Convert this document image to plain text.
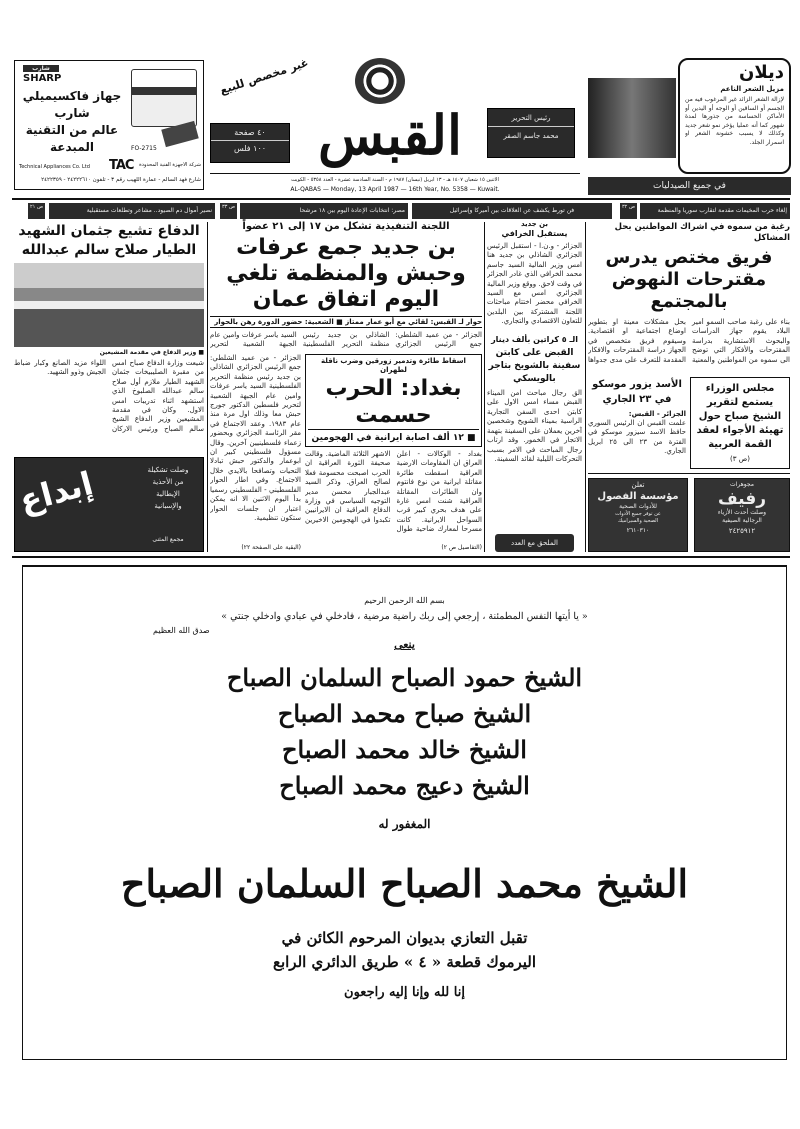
شارب
SHARP
جهاز فاكسيميلي
شارب
عالم من التقنية
المبدعة	FO-2715
Technical Appliances Co. Ltd TAC شركة الأجهزة الفنية المحدودة
شارع فهد السالم - عمارة اللهيب رقم ٣ - تلفون ٢٤٢٢٢٦١٠ - ٢٤٢٢٣٥٩
غير مخصص للبيع
٤٠ صفحة
١٠٠ فلس القبس	رئيس التحرير
محمد جاسم الصقر
الاثنين ١٥ شعبان ١٤٠٧ هـ - ١٣ ابريل (نيسان) ١٩٨٧ م - السنة السادسة عشرة - العدد ٥٣٥٨ - الكويت
AL-QABAS — Monday, 13 April 1987 — 16th Year, No. 5358 — Kuwait.
ديلان
مزيل الشعر الناعم
لإزالة الشعر الزائد غير المرغوب فيه من الجسم أو الساقين أو الوجه أو اليدين أو الأماكن الحساسة من جذورها لمدة شهور كما أنه عمليا يؤخر نمو شعر جديد وكذلك لا يسبب خشونة الشعر او اسمرار الجلد.
في جميع الصيدليات
إلغاء حرب المخيمات مقدمة لتقارب سوريا والمنظمة
ص ٣٢
فن تورط يكشف عن العلاقات بين أميركا وإسرائيل
مصر: انتخابات الإعادة اليوم بين ١٨ مرشحا
ص ٣٣
نصير أموال دم الصيود.. مشاعر وتطلعات مستقبلية
ص ٢١
رغبة من سموه في اشراك المواطنين بحل المشاكل
فريق مختص يدرس مقترحات النهوض بالمجتمع
بناء على رغبة صاحب السمو أمير البلاد يقوم جهاز الدراسات والبحوث الاستشارية بدراسة المقترحات والأفكار التي توضح الى سموه من المواطنين والمعنية بحل مشكلات معينة او بتطوير اوضاع اجتماعية او اقتصادية. وسيقوم فريق متخصص في الجهاز دراسة المقترحات والافكار المقدمة للتعرف على مدى جدواها
مجلس الوزراء يستمع لتقرير الشيخ صباح حول تهيئة الأجواء لعقد القمة العربية
(ص ٣)
الأسد يزور موسكو في ٢٣ الجاري
الجزائر - القبس:
علمت القبس ان الرئيس السوري حافظ الاسد سيزور موسكو في الفترة من ٢٣ الى ٢٥ ابريل الجاري.
مجوهرات
رفيف
وصلت أحدث الأزياء
الرجالية الصيفية
٢٤٢٥٩١٢
تعلن
مؤسسة الفصول
للأدوات الصحية
عن توفر جميع الأدوات
الصحية والسيراميك
٢٦١٠٣١٠
بن جديد
يستقبل الخرافي
الجزائر - و.ن.ا - استقبل الرئيس الجزائري الشاذلي بن جديد هنا امس وزير المالية السيد جاسم محمد الخرافي الذي غادر الجزائر في وقت لاحق. ووقع وزير المالية الجزائري امس مع السيد الخرافي محضر اختتام مباحثات اللجنة المشتركة بين البلدين للتعاون الاقتصادي والتجاري.
الـ ٥ كراتين بألف دينار
القبض على كابتن سفينة بالشويخ بتاجر بالويسكي
الق رجال مباحث امن الميناء القبض مساء امس الاول على كابتن احدى السفن التجارية الراسية بميناء الشويخ وشخصين آخرين يعملان على السفينة بتهمة الاتجار في الخمور. وقد ارتاب رجال المباحث في الامر بسبب التحركات الليلية لقائد السفينة.
الملحق مع العدد
اللجنة التنفيذية تشكل من ١٧ إلى ٢١ عضواً
بن جديد جمع عرفات وحبش والمنظمة تلغي اليوم اتفاق عمان
حوار لـ القبس: لقائي مع أبو عمار ممتاز ■ الشعبية: حضور الدورة رهن بالحوار
الجزائر - من عميد الشلطي: جمع الرئيس الجزائري الشاذلي بن جديد رئيس منظمة التحرير الفلسطينية السيد ياسر عرفات وامين عام الجبهة الشعبية لتحرير
اسقاط طائرة وتدمير زورقين وضرب ناقلة لطهران
بغداد: الحرب حسمت
■ ١٢ ألف اصابة ايرانية في الهجومين
بغداد - الوكالات - اعلن العراق ان المقاومات الارضية العراقية اسقطت طائرة مقاتلة ايرانية من نوع فانتوم وان الطائرات المقاتلة العراقية شنت امس غارة على هدف بحري كبير قرب السواحل الايرانية. كانت مسرحا لمعارك ضاحية طوال الاشهر الثلاثة الماضية. وقالت صحيفة الثورة العراقية ان الحرب اصبحت محسومة فعلا لصالح العراق. وذكر السيد عبدالجبار محسن مدير التوجيه السياسي في وزارة الدفاع العراقية ان الايرانيين تكبدوا في الهجومين الاخيرين
(التفاصيل ص ٢)
الجزائر - من عميد الشلطي: جمع الرئيس الجزائري الشاذلي بن جديد رئيس منظمة التحرير الفلسطينية السيد ياسر عرفات وامين عام الجبهة الشعبية لتحرير فلسطين الدكتور جورج حبش معا وذلك اول مرة منذ عام ١٩٨٣. وعقد الاجتماع في مقر الرئاسة الجزائري وبحضور زعماء فلسطينيين آخرين. وقال مسؤول فلسطيني كبير ان ابوعمار والدكتور حبش تبادلا التحيات وتصافحا بالايدي خلال الاجتماع. وفي اطار الحوار الفلسطيني - الفلسطيني رسميا بدأ اليوم الاثنين الا انه يمكن اعتبار ان جلسات الحوار ستكون تنظيمية.
(البقية على الصفحة ٢٢)
الدفاع تشيع جثمان الشهيد الطيار صلاح سالم عبدالله
■ وزير الدفاع في مقدمة المشيعين
شيعت وزارة الدفاع صباح امس من مقبرة الصليبيخات جثمان الشهيد الطيار ملازم أول صلاح سالم عبدالله الصلبوخ الذي استشهد اثناء تدريبات امس الاول. وكان في مقدمة المشيعين وزير الدفاع الشيخ سالم الصباح ورئيس الاركان اللواء مزيد الصانع وكبار ضباط الجيش وذوو الشهيد.
إبداع	وصلت تشكيلة
من الأحذية
الإيطالية
والإسبانية
مجمع المثنى
بسم الله الرحمن الرحيم
« يا أيتها النفس المطمئنة ، إرجعي إلى ربك راضية مرضية ، فادخلي في عبادي وادخلي جنتي »
صدق الله العظيم
ينعى
الشيخ حمود الصباح السلمان الصباح
الشيخ صباح محمد الصباح
الشيخ خالد محمد الصباح
الشيخ دعيج محمد الصباح
المغفور له
الشيخ محمد الصباح السلمان الصباح
تقبل التعازي بديوان المرحوم الكائن في
اليرموك قطعة « ٤ » طريق الدائري الرابع
إنا لله وإنا إليه راجعون
